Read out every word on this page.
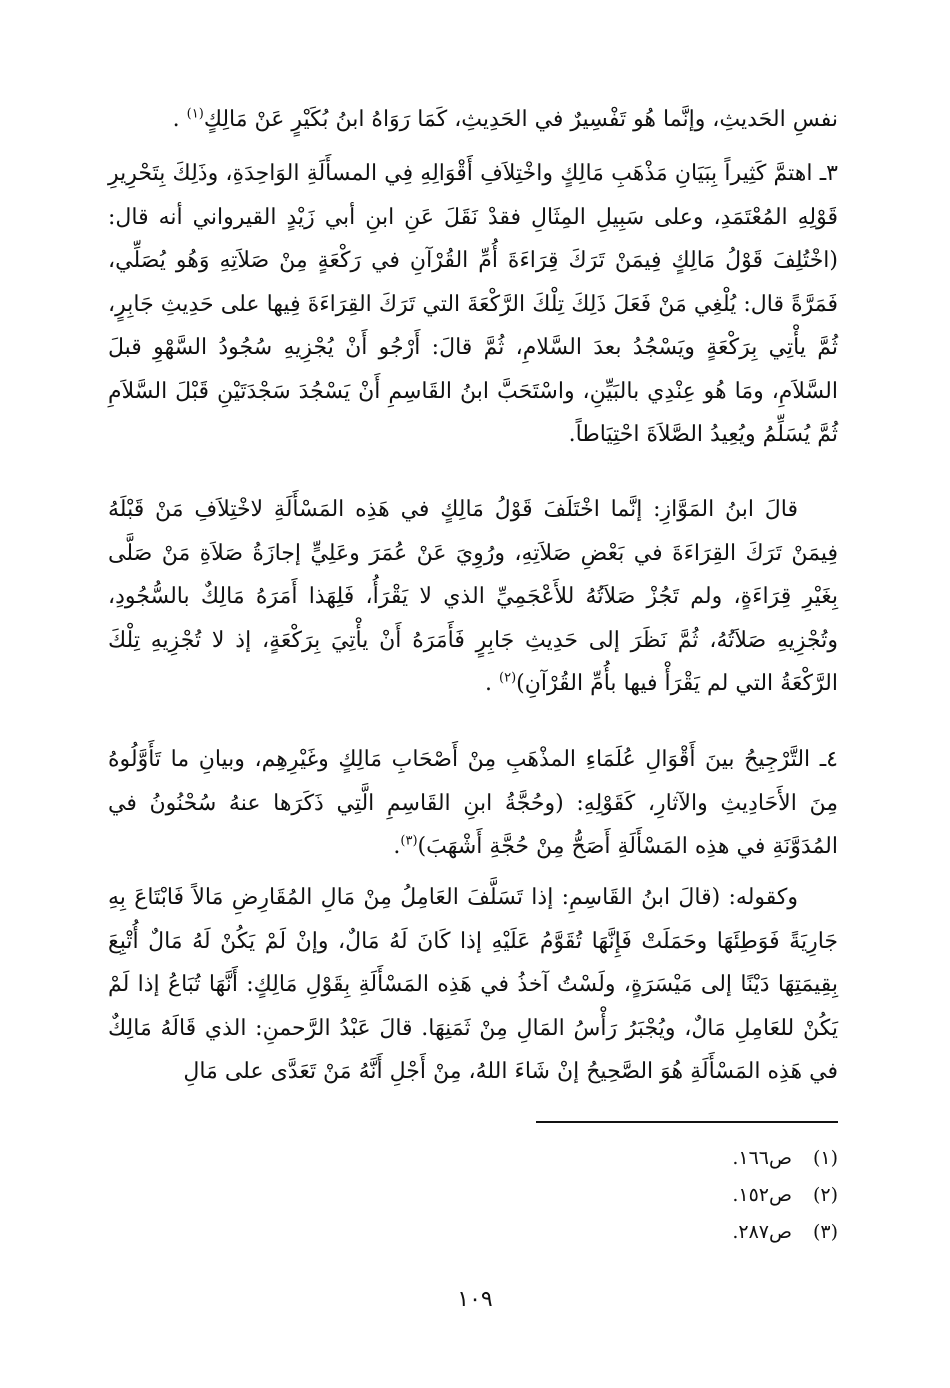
نفسِ الحَديثِ، وإنَّما هُو تَفْسِيرٌ في الحَدِيثِ، كَمَا رَوَاهُ ابنُ بُكَيْرٍ عَنْ مَالِكٍ$^{(١)}$ .

٣ـ اهتمَّ كَثِيراً بِبَيَانِ مَذْهَبِ مَالِكٍ واخْتِلاَفِ أَقْوَالِهِ فِي المسأَلَةِ الوَاحِدَةِ، وذَلِكَ بِتَحْرِيرِ قَوْلِهِ المُعْتَمَدِ، وعلى سَبِيلِ المِثَالِ فقدْ نَقَلَ عَنِ ابنِ أبي زَيْدٍ القيرواني أنه قال: (اخْتُلِفَ قَوْلُ مَالِكٍ فِيمَنْ تَرَكَ قِرَاءَةَ أُمِّ القُرْآنِ في رَكْعَةٍ مِنْ صَلاَتِهِ وَهُو يُصَلِّي، فَمَرَّةً قال: يُلْغِي مَنْ فَعَلَ ذَلِكَ تِلْكَ الرَّكْعَةَ التي تَرَكَ القِرَاءَةَ فِيها على حَدِيثِ جَابِرٍ، ثُمَّ يأْتِي بِرَكْعَةٍ ويَسْجُدُ بعدَ السَّلامِ، ثُمَّ قالَ: أَرْجُو أَنْ يُجْزِيهِ سُجُودُ السَّهْوِ قبلَ السَّلاَمِ، ومَا هُو عِنْدِي بالبَيِّنِ، واسْتَحَبَّ ابنُ القَاسِمِ أَنْ يَسْجُدَ سَجْدَتَيْنِ قَبْلَ السَّلاَمِ ثُمَّ يُسَلِّمُ ويُعِيدُ الصَّلاَةَ احْتِيَاطاً.

قالَ ابنُ المَوَّازِ: إنَّما اخْتَلَفَ قَوْلُ مَالِكٍ في هَذِه المَسْأَلَةِ لاخْتِلاَفِ مَنْ قَبْلَهُ فِيمَنْ تَرَكَ القِرَاءَةَ في بَعْضِ صَلاَتِهِ، ورُوِيَ عَنْ عُمَرَ وعَلِيٍّ إجازَةُ صَلاَةِ مَنْ صَلَّى بِغَيْرِ قِرَاءَةٍ، ولم تَجُزْ صَلاَتُهُ للأَعْجَمِيِّ الذي لا يَقْرَأُ، فَلِهَذا أَمَرَهُ مَالِكٌ بالسُّجُودِ، وتُجْزِيهِ صَلاَتُهُ، ثُمَّ نَظَرَ إلى حَدِيثِ جَابِرٍ فَأَمَرَهُ أَنْ يأْتِيَ بِرَكْعَةٍ، إذ لا تُجْزِيهِ تِلْكَ الرَّكْعَةُ التي لم يَقْرَأْ فيها بأُمِّ القُرْآنِ)$^{(٢)}$ .

٤ـ التَّرْجِيحُ بينَ أَقْوَالِ عُلَمَاءِ المذْهَبِ مِنْ أَصْحَابِ مَالِكٍ وغَيْرِهِم، وبيانِ ما تَأَوَّلُوهُ مِنَ الأَحَادِيثِ والآثارِ، كَقَوْلِهِ: (وحُجَّةُ ابنِ القَاسِمِ الَّتِي ذَكَرَها عنهُ سُحْنُونُ في المُدَوَّنَةِ في هذِه المَسْأَلَةِ أَصَحُّ مِنْ حُجَّةِ أَشْهَبَ)$^{(٣)}$.

وكقوله: (قالَ ابنُ القَاسِمِ: إذا تَسَلَّفَ العَامِلُ مِنْ مَالِ المُقَارِضِ مَالاً فَابْتَاعَ بِهِ جَارِيَةً فَوَطِئَهَا وحَمَلَتْ فَإِنَّهَا تُقَوَّمُ عَلَيْهِ إذا كَانَ لَهُ مَالٌ، وإنْ لَمْ يَكُنْ لَهُ مَالٌ أُتْبِعَ بِقِيمَتِهَا دَيْنًا إلى مَيْسَرَةٍ، ولَسْتُ آخذُ في هَذِه المَسْأَلَةِ بِقَوْلِ مَالِكٍ: أَنَّهَا تُبَاعُ إذا لَمْ يَكُنْ للعَامِلِ مَالٌ، ويُجْبَرُ رَأْسُ المَالِ مِنْ ثَمَنِهَا. قالَ عَبْدُ الرَّحمنِ: الذي قَالَهُ مَالِكٌ في هَذِه المَسْأَلَةِ هُوَ الصَّحِيحُ إنْ شَاءَ اللهُ، مِنْ أَجْلِ أَنَّهُ مَنْ تَعَدَّى على مَالِ

(١)ص١٦٦.
(٢)ص١٥٢.
(٣)ص٢٨٧.
١٠٩
